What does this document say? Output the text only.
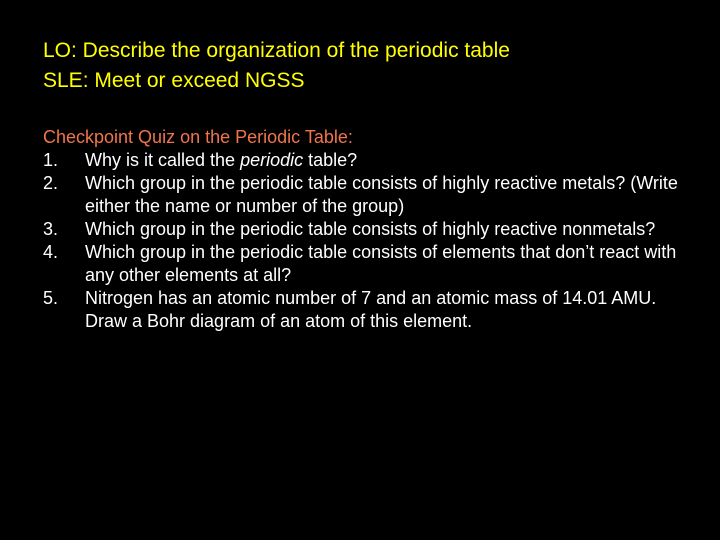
LO: Describe the organization of the periodic table
SLE: Meet or exceed NGSS
Checkpoint Quiz on the Periodic Table:
1.	Why is it called the periodic table?
2.	Which group in the periodic table consists of highly reactive metals? (Write either the name or number of the group)
3.	Which group in the periodic table consists of highly reactive nonmetals?
4.	Which group in the periodic table consists of elements that don’t react with any other elements at all?
5.	Nitrogen has an atomic number of 7 and an atomic mass of 14.01 AMU. Draw a Bohr diagram of an atom of this element.
